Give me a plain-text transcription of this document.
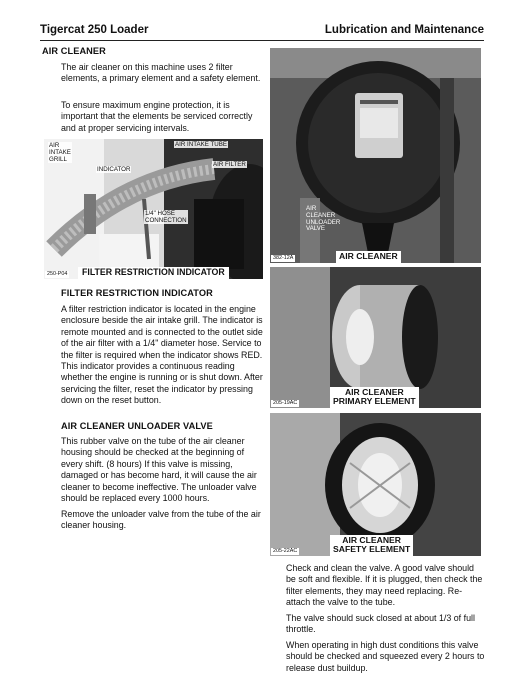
Tigercat 250 Loader	Lubrication and Maintenance
AIR CLEANER

The air cleaner on this machine uses 2 filter elements, a primary element and a safety element.

To ensure maximum engine protection, it is important that the elements be serviced correctly and at proper servicing intervals.

AIR
INTAKE
GRILL
AIR INTAKE TUBE
INDICATOR
AIR FILTER
1/4" HOSE
CONNECTION
250-P04	FILTER RESTRICTION INDICATOR
FILTER RESTRICTION INDICATOR

A filter restriction indicator is located in the engine enclosure beside the air intake grill. The indicator is remote mounted and is connected to the outlet side of the air filter with a 1/4" diameter hose. Service to the filter is required when the indicator shows RED. This indicator provides a continuous reading whether the engine is running or is shut down. After servicing the filter, reset the indicator by pressing down on the reset button.

AIR CLEANER UNLOADER VALVE

This rubber valve on the tube of the air cleaner housing should be checked at the beginning of every shift. (8 hours) If this valve is missing, damaged or has become hard, it will cause the air cleaner to become ineffective. The unloader valve should be replaced every 1000 hours.

Remove the unloader valve from the tube of the air cleaner housing.

AIR
CLEANER
UNLOADER
VALVE
382-12A	AIR CLEANER
205-19AC
AIR CLEANER
PRIMARY ELEMENT
205-22AC
AIR CLEANER
SAFETY ELEMENT

Check and clean the valve. A good valve should be soft and flexible. If it is plugged, then check the filter elements, they may need replacing. Re-attach the valve to the tube.

The valve should suck closed at about 1/3 of full throttle.

When operating in high dust conditions this valve should be checked and squeezed every 2 hours to release dust buildup.
